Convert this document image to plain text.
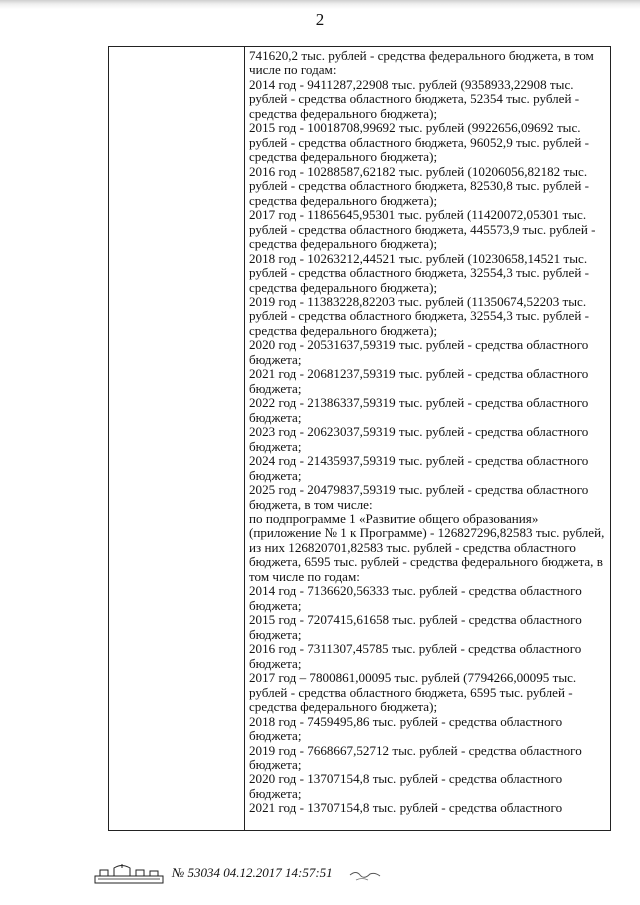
2

741620,2 тыс. рублей - средства федерального бюджета, в том
числе по годам:
2014 год - 9411287,22908 тыс. рублей (9358933,22908 тыс.
рублей - средства областного бюджета, 52354 тыс. рублей -
средства федерального бюджета);
2015 год - 10018708,99692 тыс. рублей (9922656,09692 тыс.
рублей - средства областного бюджета, 96052,9 тыс. рублей -
средства федерального бюджета);
2016 год - 10288587,62182 тыс. рублей (10206056,82182 тыс.
рублей - средства областного бюджета, 82530,8 тыс. рублей -
средства федерального бюджета);
2017 год - 11865645,95301 тыс. рублей (11420072,05301 тыс.
рублей - средства областного бюджета, 445573,9 тыс. рублей -
средства федерального бюджета);
2018 год - 10263212,44521 тыс. рублей (10230658,14521 тыс.
рублей - средства областного бюджета, 32554,3 тыс. рублей -
средства федерального бюджета);
2019 год - 11383228,82203 тыс. рублей (11350674,52203 тыс.
рублей - средства областного бюджета, 32554,3 тыс. рублей -
средства федерального бюджета);
2020 год - 20531637,59319 тыс. рублей - средства областного
бюджета;
2021 год - 20681237,59319 тыс. рублей - средства областного
бюджета;
2022 год - 21386337,59319 тыс. рублей - средства областного
бюджета;
2023 год - 20623037,59319 тыс. рублей - средства областного
бюджета;
2024 год - 21435937,59319 тыс. рублей - средства областного
бюджета;
2025 год - 20479837,59319 тыс. рублей - средства областного
бюджета, в том числе:
по подпрограмме 1 «Развитие общего образования»
(приложение № 1 к Программе) - 126827296,82583 тыс. рублей,
из них 126820701,82583 тыс. рублей - средства областного
бюджета, 6595 тыс. рублей - средства федерального бюджета, в
том числе по годам:
2014 год - 7136620,56333 тыс. рублей - средства областного
бюджета;
2015 год - 7207415,61658 тыс. рублей - средства областного
бюджета;
2016 год - 7311307,45785 тыс. рублей - средства областного
бюджета;
2017 год – 7800861,00095 тыс. рублей (7794266,00095 тыс.
рублей - средства областного бюджета, 6595 тыс. рублей -
средства федерального бюджета);
2018 год - 7459495,86 тыс. рублей - средства областного
бюджета;
2019 год - 7668667,52712 тыс. рублей - средства областного
бюджета;
2020 год - 13707154,8 тыс. рублей - средства областного
бюджета;
2021 год - 13707154,8 тыс. рублей - средства областного
№ 53034 04.12.2017 14:57:51
